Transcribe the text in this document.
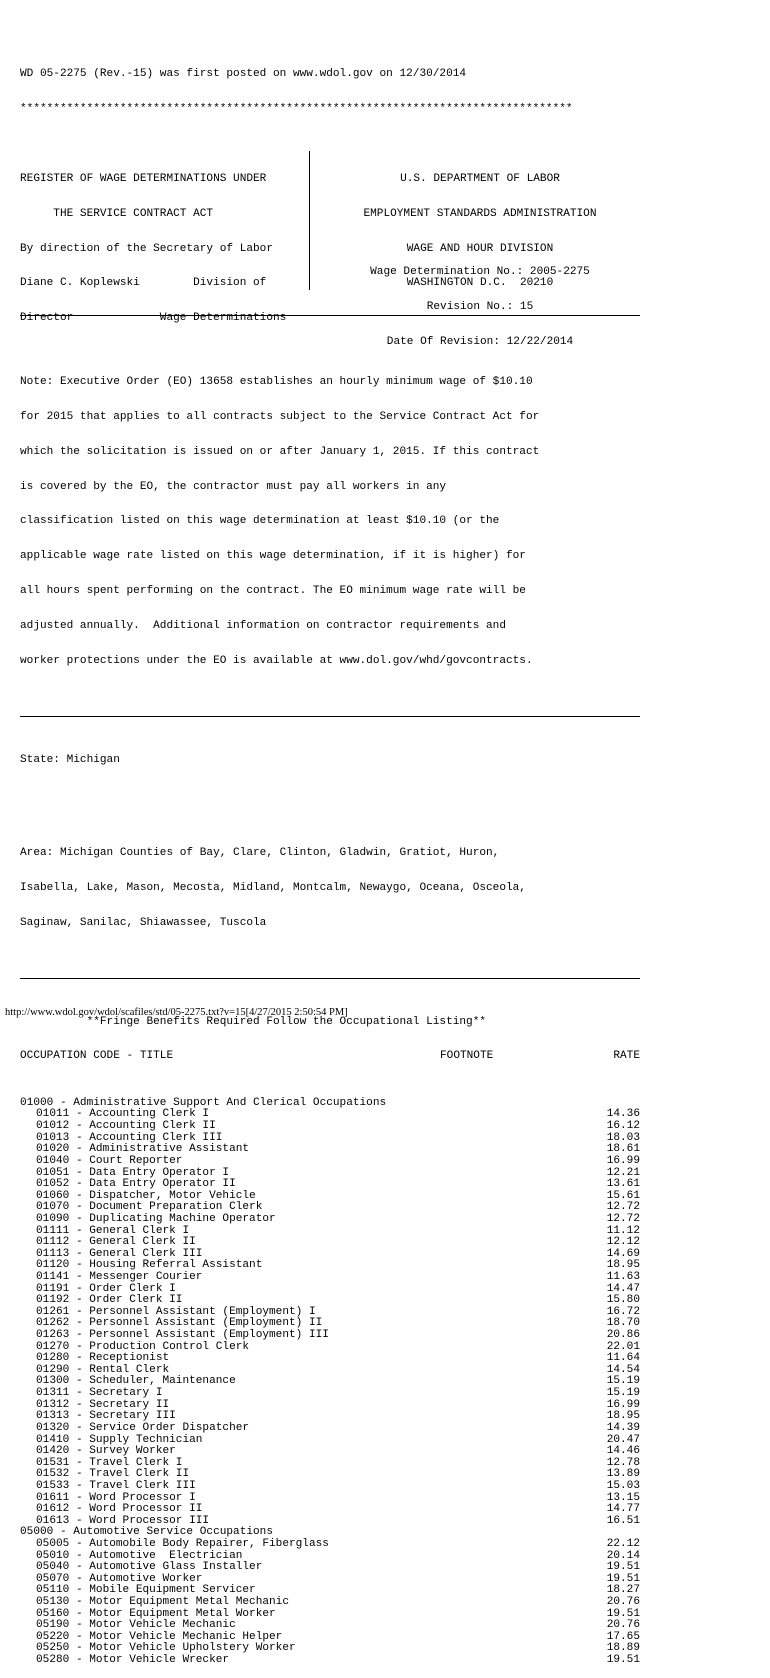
WD 05-2275 (Rev.-15) was first posted on www.wdol.gov on 12/30/2014

***********************************************************************************

REGISTER OF WAGE DETERMINATIONS UNDER

THE SERVICE CONTRACT ACT

By direction of the Secretary of Labor

U.S. DEPARTMENT OF LABOR

EMPLOYMENT STANDARDS ADMINISTRATION

WAGE AND HOUR DIVISION

WASHINGTON D.C.  20210

Diane C. Koplewski        Division of

Director             Wage Determinations

Wage Determination No.: 2005-2275

Revision No.: 15

Date Of Revision: 12/22/2014

Note: Executive Order (EO) 13658 establishes an hourly minimum wage of $10.10

for 2015 that applies to all contracts subject to the Service Contract Act for

which the solicitation is issued on or after January 1, 2015. If this contract

is covered by the EO, the contractor must pay all workers in any

classification listed on this wage determination at least $10.10 (or the

applicable wage rate listed on this wage determination, if it is higher) for

all hours spent performing on the contract. The EO minimum wage rate will be

adjusted annually.  Additional information on contractor requirements and

worker protections under the EO is available at www.dol.gov/whd/govcontracts.

State: Michigan

Area: Michigan Counties of Bay, Clare, Clinton, Gladwin, Gratiot, Huron,

Isabella, Lake, Mason, Mecosta, Midland, Montcalm, Newaygo, Oceana, Osceola,

Saginaw, Sanilac, Shiawassee, Tuscola

**Fringe Benefits Required Follow the Occupational Listing**

OCCUPATION CODE - TITLE	FOOTNOTE	RATE

01000 - Administrative Support And Clerical Occupations
01011 - Accounting Clerk I	14.36
01012 - Accounting Clerk II	16.12
01013 - Accounting Clerk III	18.03
01020 - Administrative Assistant	18.61
01040 - Court Reporter	16.99
01051 - Data Entry Operator I	12.21
01052 - Data Entry Operator II	13.61
01060 - Dispatcher, Motor Vehicle	15.61
01070 - Document Preparation Clerk	12.72
01090 - Duplicating Machine Operator	12.72
01111 - General Clerk I	11.12
01112 - General Clerk II	12.12
01113 - General Clerk III	14.69
01120 - Housing Referral Assistant	18.95
01141 - Messenger Courier	11.63
01191 - Order Clerk I	14.47
01192 - Order Clerk II	15.80
01261 - Personnel Assistant (Employment) I	16.72
01262 - Personnel Assistant (Employment) II	18.70
01263 - Personnel Assistant (Employment) III	20.86
01270 - Production Control Clerk	22.01
01280 - Receptionist	11.64
01290 - Rental Clerk	14.54
01300 - Scheduler, Maintenance	15.19
01311 - Secretary I	15.19
01312 - Secretary II	16.99
01313 - Secretary III	18.95
01320 - Service Order Dispatcher	14.39
01410 - Supply Technician	20.47
01420 - Survey Worker	14.46
01531 - Travel Clerk I	12.78
01532 - Travel Clerk II	13.89
01533 - Travel Clerk III	15.03
01611 - Word Processor I	13.15
01612 - Word Processor II	14.77
01613 - Word Processor III	16.51
05000 - Automotive Service Occupations
05005 - Automobile Body Repairer, Fiberglass	22.12
05010 - Automotive  Electrician	20.14
05040 - Automotive Glass Installer	19.51
05070 - Automotive Worker	19.51
05110 - Mobile Equipment Servicer	18.27
05130 - Motor Equipment Metal Mechanic	20.76
05160 - Motor Equipment Metal Worker	19.51
05190 - Motor Vehicle Mechanic	20.76
05220 - Motor Vehicle Mechanic Helper	17.65
05250 - Motor Vehicle Upholstery Worker	18.89
05280 - Motor Vehicle Wrecker	19.51

http://www.wdol.gov/wdol/scafiles/std/05-2275.txt?v=15[4/27/2015 2:50:54 PM]
